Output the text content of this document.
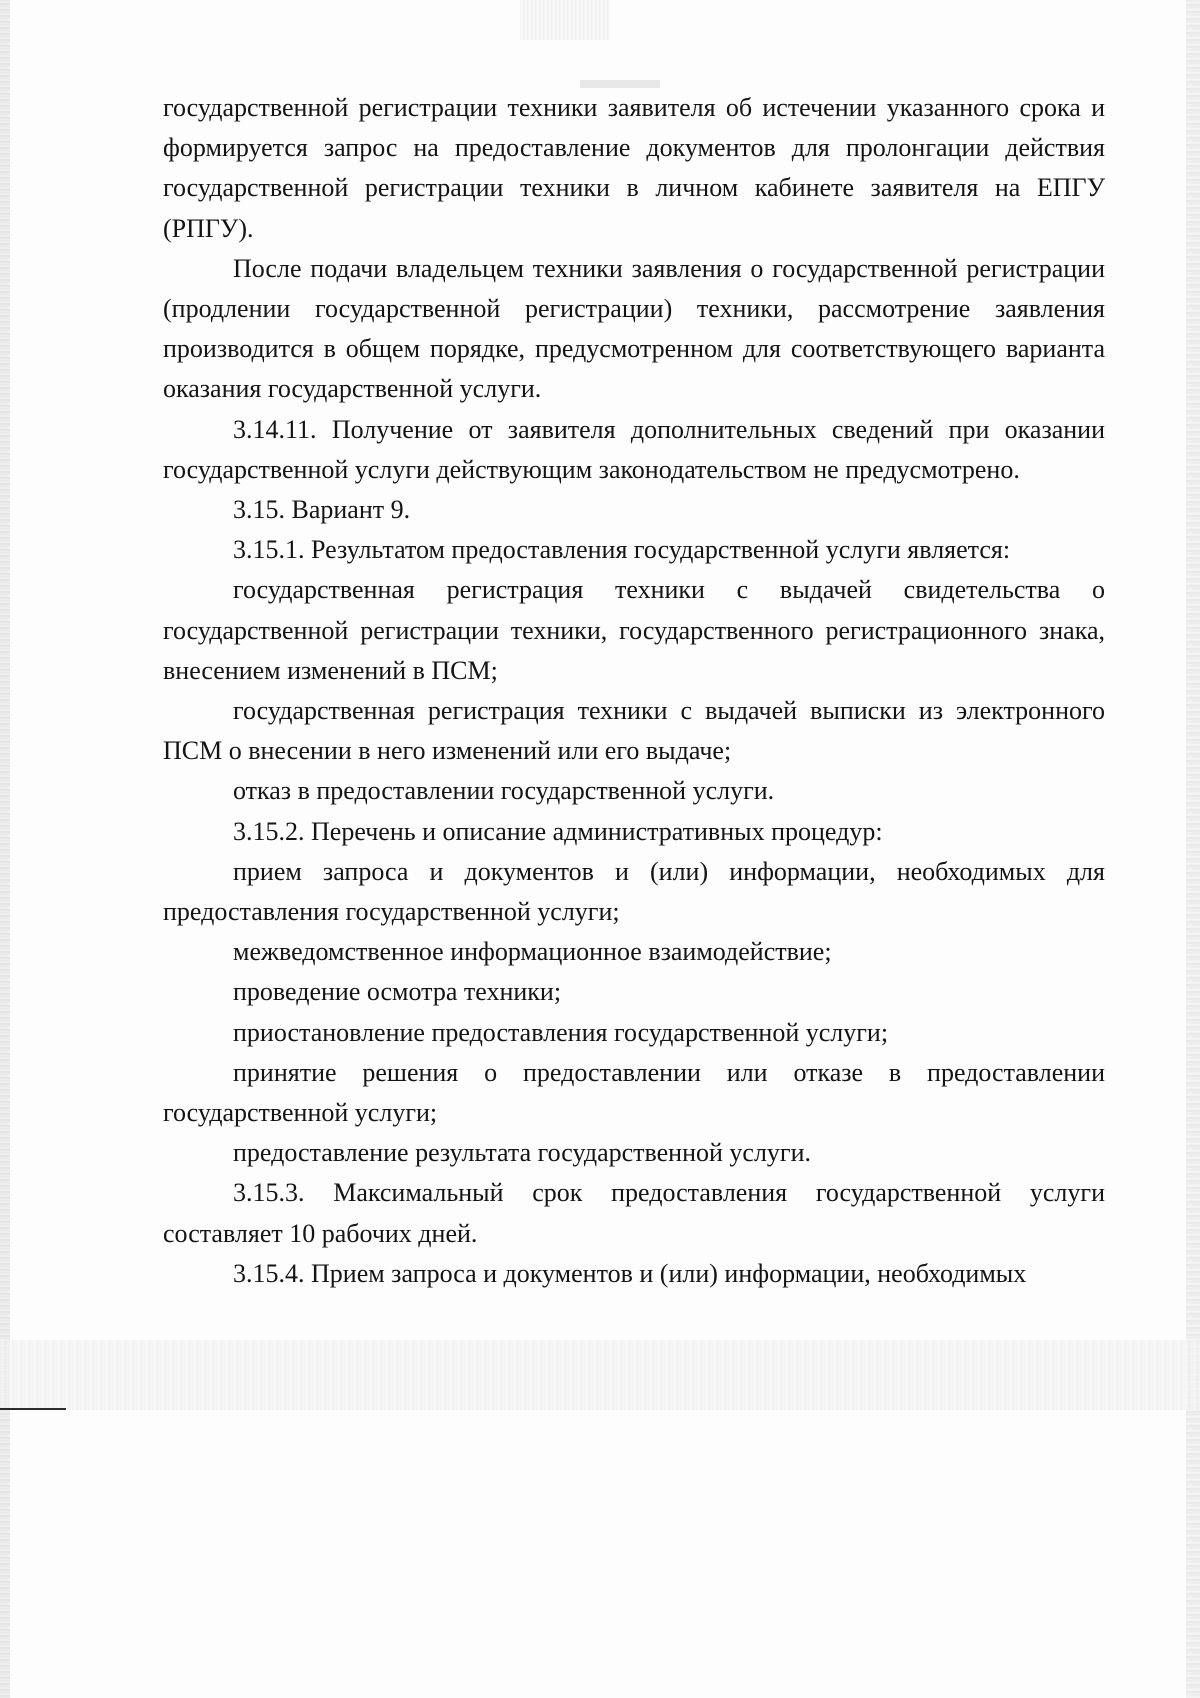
государственной регистрации техники заявителя об истечении указанного срока и формируется запрос на предоставление документов для пролонгации действия государственной регистрации техники в личном кабинете заявителя на ЕПГУ (РПГУ).

После подачи владельцем техники заявления о государственной регистрации (продлении государственной регистрации) техники, рассмотрение заявления производится в общем порядке, предусмотренном для соответствующего варианта оказания государственной услуги.

3.14.11. Получение от заявителя дополнительных сведений при оказании государственной услуги действующим законодательством не предусмотрено.

3.15. Вариант 9.

3.15.1. Результатом предоставления государственной услуги является:

государственная регистрация техники с выдачей свидетельства о государственной регистрации техники, государственного регистрационного знака, внесением изменений в ПСМ;

государственная регистрация техники с выдачей выписки из электронного ПСМ о внесении в него изменений или его выдаче;

отказ в предоставлении государственной услуги.

3.15.2. Перечень и описание административных процедур:

прием запроса и документов и (или) информации, необходимых для предоставления государственной услуги;

межведомственное информационное взаимодействие;

проведение осмотра техники;

приостановление предоставления государственной услуги;

принятие решения о предоставлении или отказе в предоставлении государственной услуги;

предоставление результата государственной услуги.

3.15.3. Максимальный срок предоставления государственной услуги составляет 10 рабочих дней.

3.15.4. Прием запроса и документов и (или) информации, необходимых
